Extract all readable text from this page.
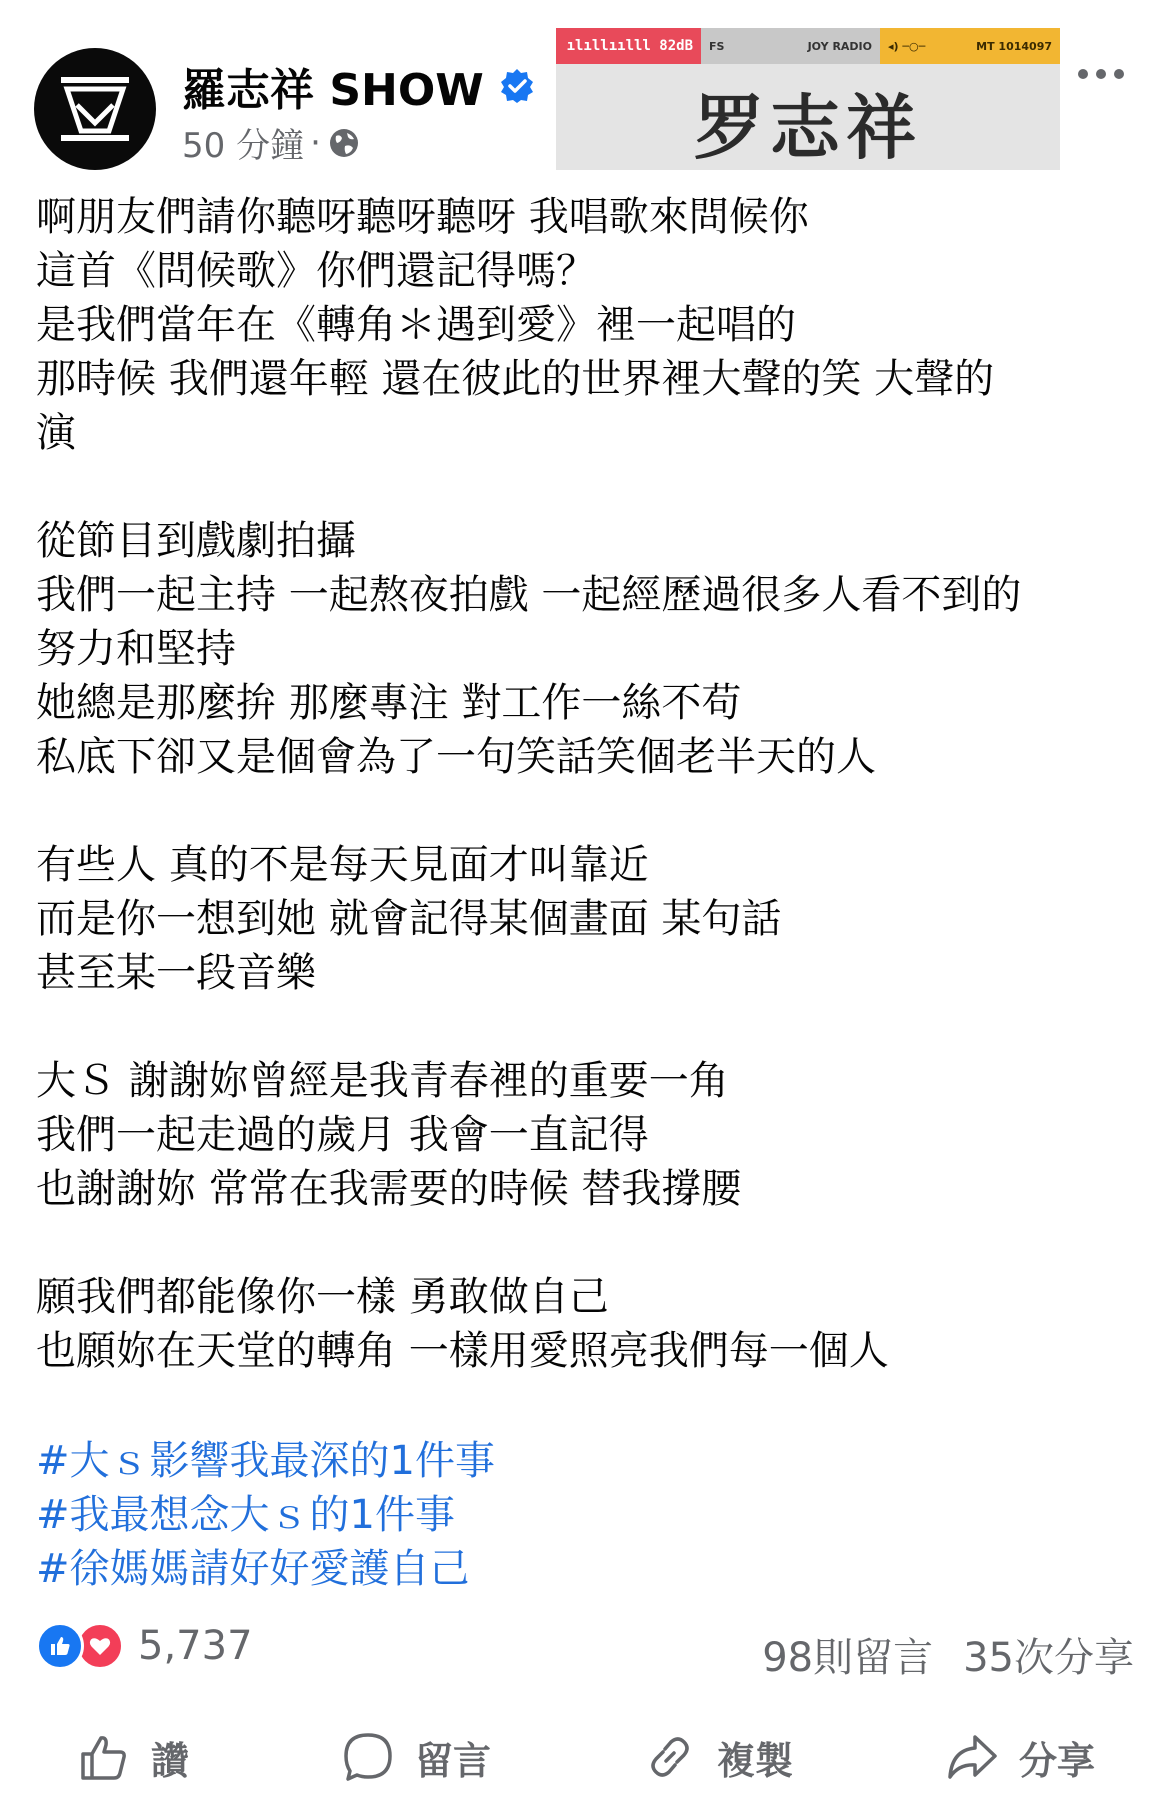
羅志祥 SHOW
50 分鐘 ·
ılıllıılll 82dB	FS	JOY RADIO ◂) ─○─	MT 1014097
罗志祥
啊朋友們請你聽呀聽呀聽呀 我唱歌來問候你
這首《問候歌》你們還記得嗎？
是我們當年在《轉角＊遇到愛》裡一起唱的
那時候 我們還年輕 還在彼此的世界裡大聲的笑 大聲的
演
從節目到戲劇拍攝
我們一起主持 一起熬夜拍戲 一起經歷過很多人看不到的
努力和堅持
她總是那麼拚 那麼專注 對工作一絲不苟
私底下卻又是個會為了一句笑話笑個老半天的人
有些人 真的不是每天見面才叫靠近
而是你一想到她 就會記得某個畫面 某句話
甚至某一段音樂
大Ｓ 謝謝妳曾經是我青春裡的重要一角
我們一起走過的歲月 我會一直記得
也謝謝妳 常常在我需要的時候 替我撐腰
願我們都能像你一樣 勇敢做自己
也願妳在天堂的轉角 一樣用愛照亮我們每一個人
#大ｓ影響我最深的1件事
#我最想念大ｓ的1件事
#徐媽媽請好好愛護自己
5,737	98則留言 35次分享
讚	留言	複製	分享
